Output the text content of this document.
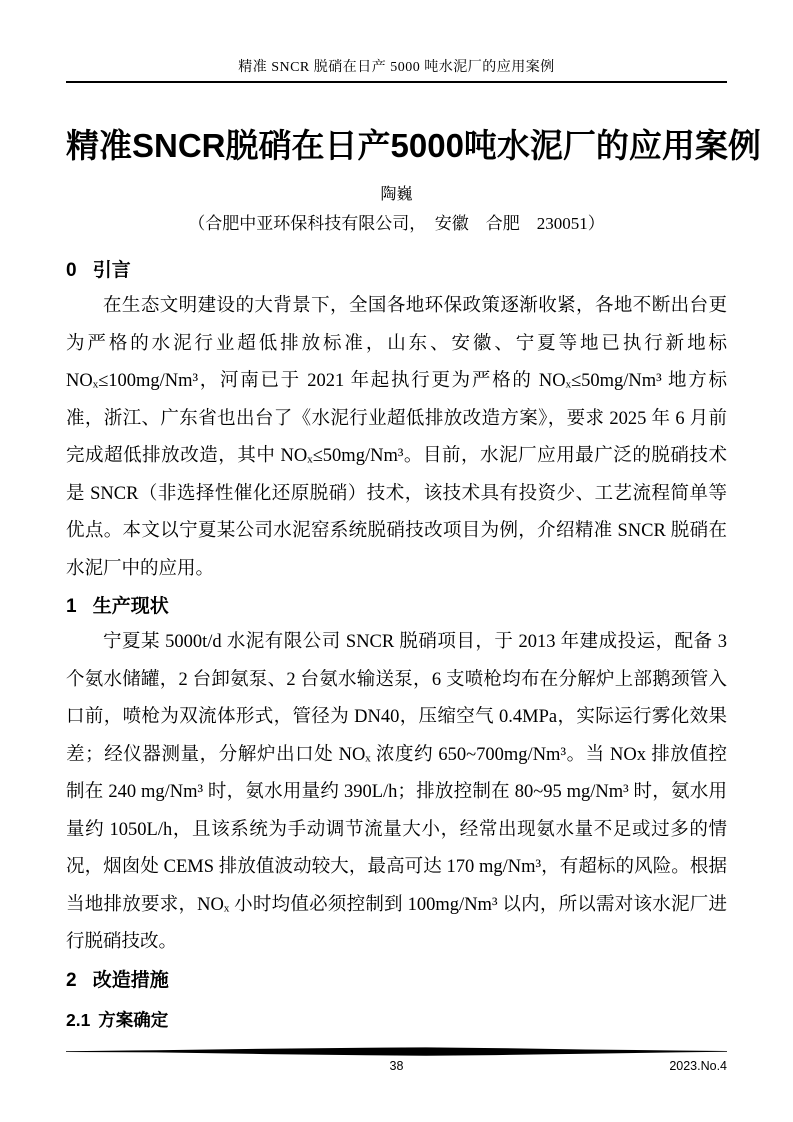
精准 SNCR 脱硝在日产 5000 吨水泥厂的应用案例
精准SNCR脱硝在日产5000吨水泥厂的应用案例
陶巍
（合肥中亚环保科技有限公司，　安徽　合肥　230051）
0 引言

在生态文明建设的大背景下，全国各地环保政策逐渐收紧，各地不断出台更为严格的水泥行业超低排放标准，山东、安徽、宁夏等地已执行新地标NOₓ≤100mg/Nm³，河南已于 2021 年起执行更为严格的 NOₓ≤50mg/Nm³ 地方标准，浙江、广东省也出台了《水泥行业超低排放改造方案》，要求 2025 年 6 月前完成超低排放改造，其中 NOₓ≤50mg/Nm³。目前，水泥厂应用最广泛的脱硝技术是 SNCR（非选择性催化还原脱硝）技术，该技术具有投资少、工艺流程简单等优点。本文以宁夏某公司水泥窑系统脱硝技改项目为例，介绍精准 SNCR 脱硝在水泥厂中的应用。

1 生产现状

宁夏某 5000t/d 水泥有限公司 SNCR 脱硝项目，于 2013 年建成投运，配备 3 个氨水储罐，2 台卸氨泵、2 台氨水输送泵，6 支喷枪均布在分解炉上部鹅颈管入口前，喷枪为双流体形式，管径为 DN40，压缩空气 0.4MPa，实际运行雾化效果差；经仪器测量，分解炉出口处 NOₓ 浓度约 650~700mg/Nm³。当 NOx 排放值控制在 240 mg/Nm³ 时，氨水用量约 390L/h；排放控制在 80~95 mg/Nm³ 时，氨水用量约 1050L/h，且该系统为手动调节流量大小，经常出现氨水量不足或过多的情况，烟囱处 CEMS 排放值波动较大，最高可达 170 mg/Nm³，有超标的风险。根据当地排放要求，NOₓ 小时均值必须控制到 100mg/Nm³ 以内，所以需对该水泥厂进行脱硝技改。

2 改造措施
2.1 方案确定
38	2023.No.4
